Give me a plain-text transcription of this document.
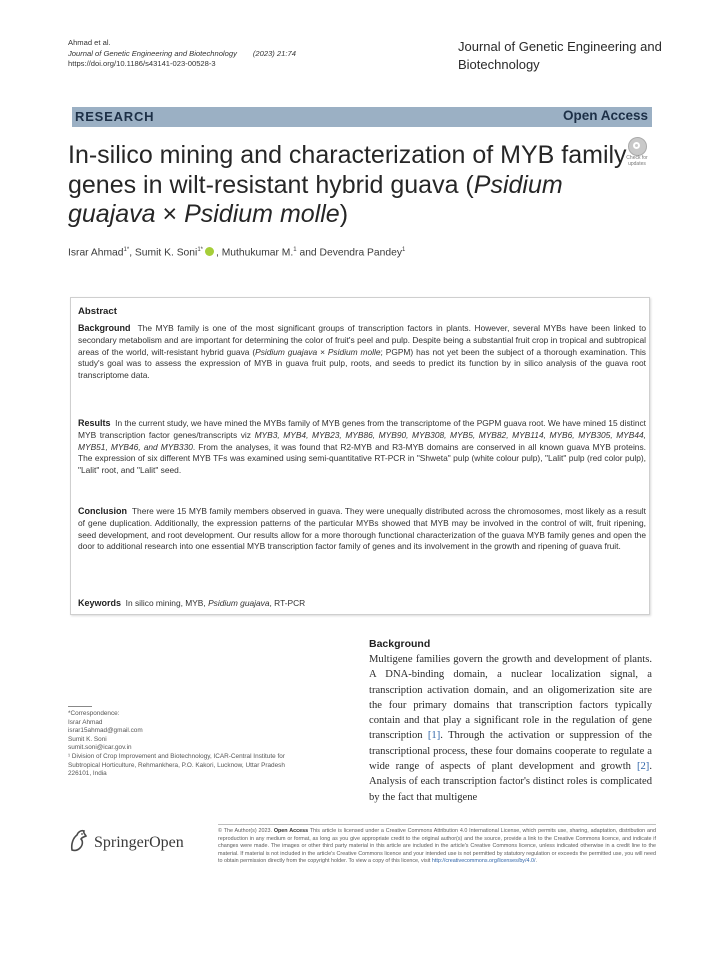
Ahmad et al.
Journal of Genetic Engineering and Biotechnology (2023) 21:74
https://doi.org/10.1186/s43141-023-00528-3
Journal of Genetic Engineering and Biotechnology
RESEARCH	Open Access
Check for updates
In-silico mining and characterization of MYB family genes in wilt-resistant hybrid guava (Psidium guajava × Psidium molle)
Israr Ahmad$^{1*}$, Sumit K. Soni$^{1*}$ , Muthukumar M.$^1$ and Devendra Pandey$^1$
Abstract
Background The MYB family is one of the most significant groups of transcription factors in plants. However, several MYBs have been linked to secondary metabolism and are important for determining the color of fruit's peel and pulp. Despite being a substantial fruit crop in tropical and subtropical areas of the world, wilt-resistant hybrid guava (Psidium guajava × Psidium molle; PGPM) has not yet been the subject of a thorough examination. This study's goal was to assess the expression of MYB in guava fruit pulp, roots, and seeds to predict its function by in silico analysis of the guava root transcriptome data.
Results In the current study, we have mined the MYBs family of MYB genes from the transcriptome of the PGPM guava root. We have mined 15 distinct MYB transcription factor genes/transcripts viz MYB3, MYB4, MYB23, MYB86, MYB90, MYB308, MYB5, MYB82, MYB114, MYB6, MYB305, MYB44, MYB51, MYB46, and MYB330. From the analyses, it was found that R2-MYB and R3-MYB domains are conserved in all known guava MYB proteins. The expression of six different MYB TFs was examined using semi-quantitative RT-PCR in "Shweta" pulp (white colour pulp), "Lalit" pulp (red color pulp), "Lalit" root, and "Lalit" seed.
Conclusion There were 15 MYB family members observed in guava. They were unequally distributed across the chromosomes, most likely as a result of gene duplication. Additionally, the expression patterns of the particular MYBs showed that MYB may be involved in the control of wilt, fruit ripening, seed development, and root development. Our results allow for a more thorough functional characterization of the guava MYB family genes and open the door to additional research into one essential MYB transcription factor family of genes and its involvement in the growth and ripening of guava fruit.
Keywords In silico mining, MYB, Psidium guajava, RT-PCR
Background
Multigene families govern the growth and development of plants. A DNA-binding domain, a nuclear localization signal, a transcription activation domain, and an oligomerization site are the four primary domains that transcription factors typically contain and that play a significant role in the regulation of gene transcription [1]. Through the activation or suppression of the transcriptional process, these four domains cooperate to regulate a wide range of aspects of plant development and growth [2]. Analysis of each transcription factor's distinct roles is complicated by the fact that multigene
*Correspondence:
Israr Ahmad
israr15ahmad@gmail.com
Sumit K. Soni
sumit.soni@icar.gov.in
¹ Division of Crop Improvement and Biotechnology, ICAR-Central Institute for Subtropical Horticulture, Rehmankhera, P.O. Kakori, Lucknow, Uttar Pradesh 226101, India
SpringerOpen
© The Author(s) 2023. Open Access This article is licensed under a Creative Commons Attribution 4.0 International License, which permits use, sharing, adaptation, distribution and reproduction in any medium or format, as long as you give appropriate credit to the original author(s) and the source, provide a link to the Creative Commons licence, and indicate if changes were made. The images or other third party material in this article are included in the article's Creative Commons licence, unless indicated otherwise in a credit line to the material. If material is not included in the article's Creative Commons licence and your intended use is not permitted by statutory regulation or exceeds the permitted use, you will need to obtain permission directly from the copyright holder. To view a copy of this licence, visit http://creativecommons.org/licenses/by/4.0/.
